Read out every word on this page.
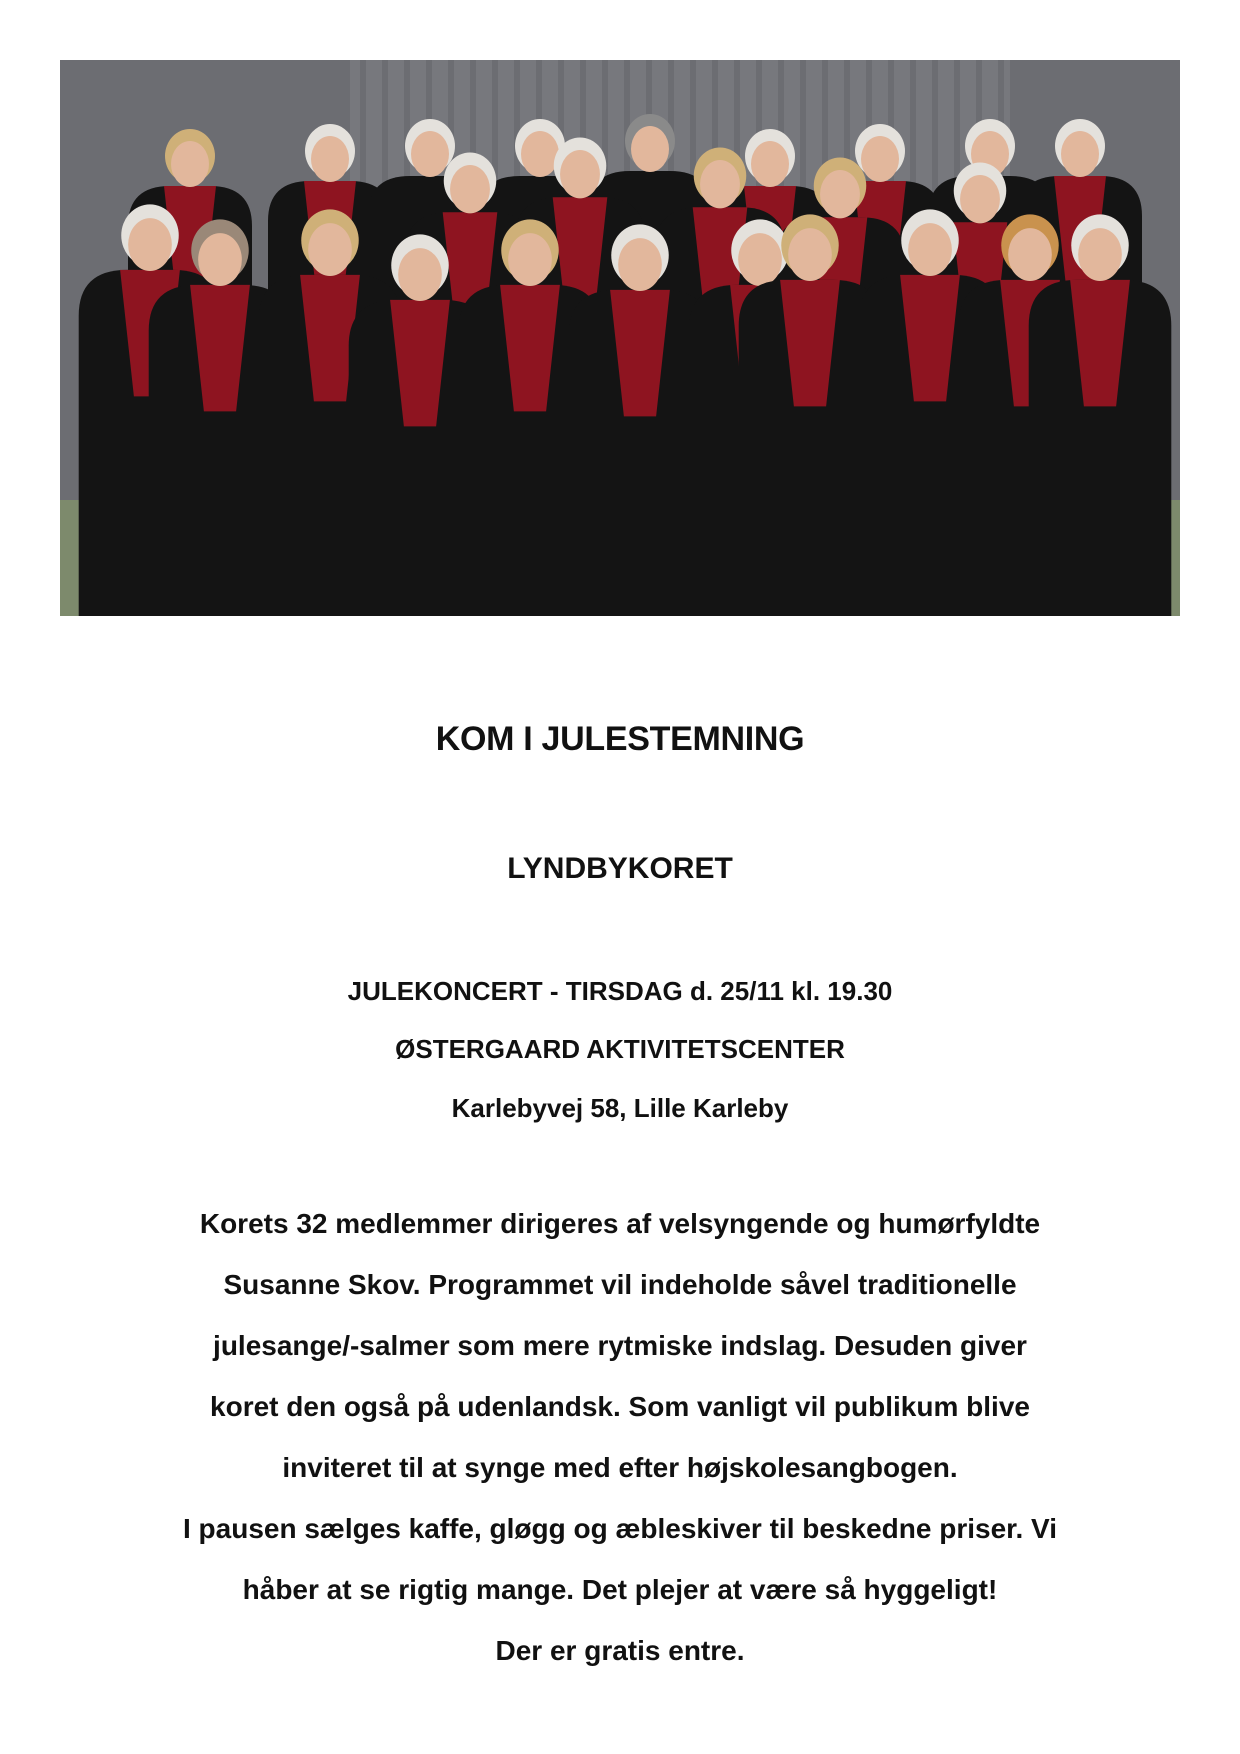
KOM I JULESTEMNING
LYNDBYKORET
JULEKONCERT - TIRSDAG d. 25/11 kl. 19.30
ØSTERGAARD AKTIVITETSCENTER
Karlebyvej 58, Lille Karleby
Korets 32 medlemmer dirigeres af velsyngende og humørfyldte
Susanne Skov. Programmet vil indeholde såvel traditionelle
julesange/-salmer som mere rytmiske indslag. Desuden giver
koret den også på udenlandsk. Som vanligt vil publikum blive
inviteret til at synge med efter højskolesangbogen.
I pausen sælges kaffe, gløgg og æbleskiver til beskedne priser. Vi
håber at se rigtig mange. Det plejer at være så hyggeligt!
Der er gratis entre.
